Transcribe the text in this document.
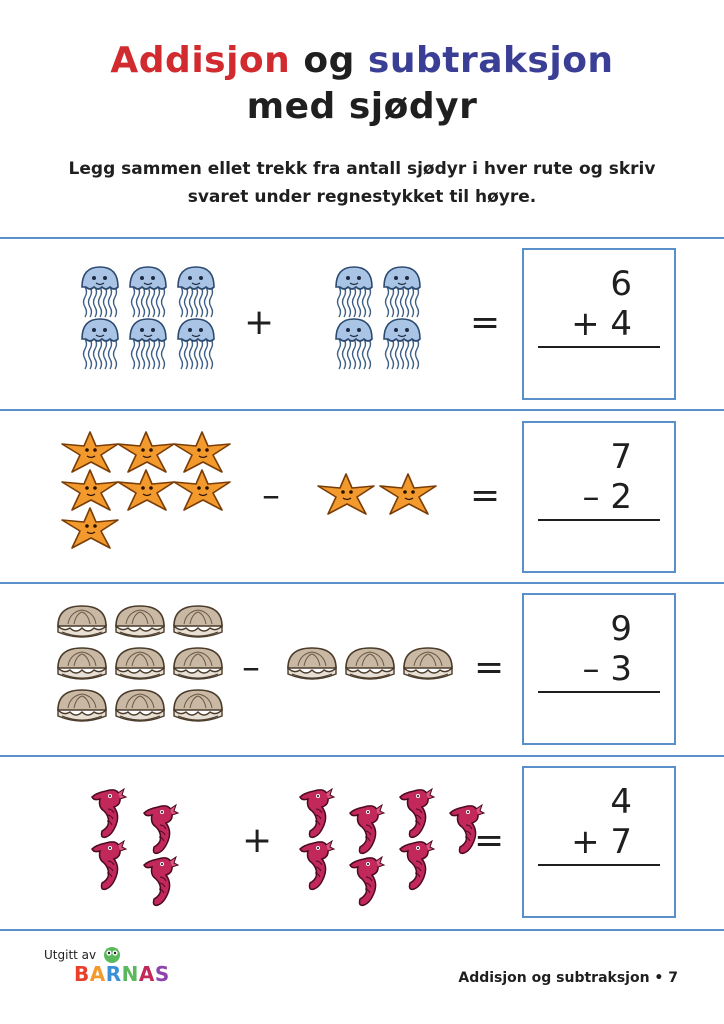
Addisjon og subtraksjon
med sjødyr
Legg sammen ellet trekk fra antall sjødyr i hver rute og skriv svaret under regnestykket til høyre.
+	=
6
+ 4
–	=
7
– 2
–	=
9
– 3
+	=
4
+ 7
Utgitt av
BARNAS	Addisjon og subtraksjon • 7
